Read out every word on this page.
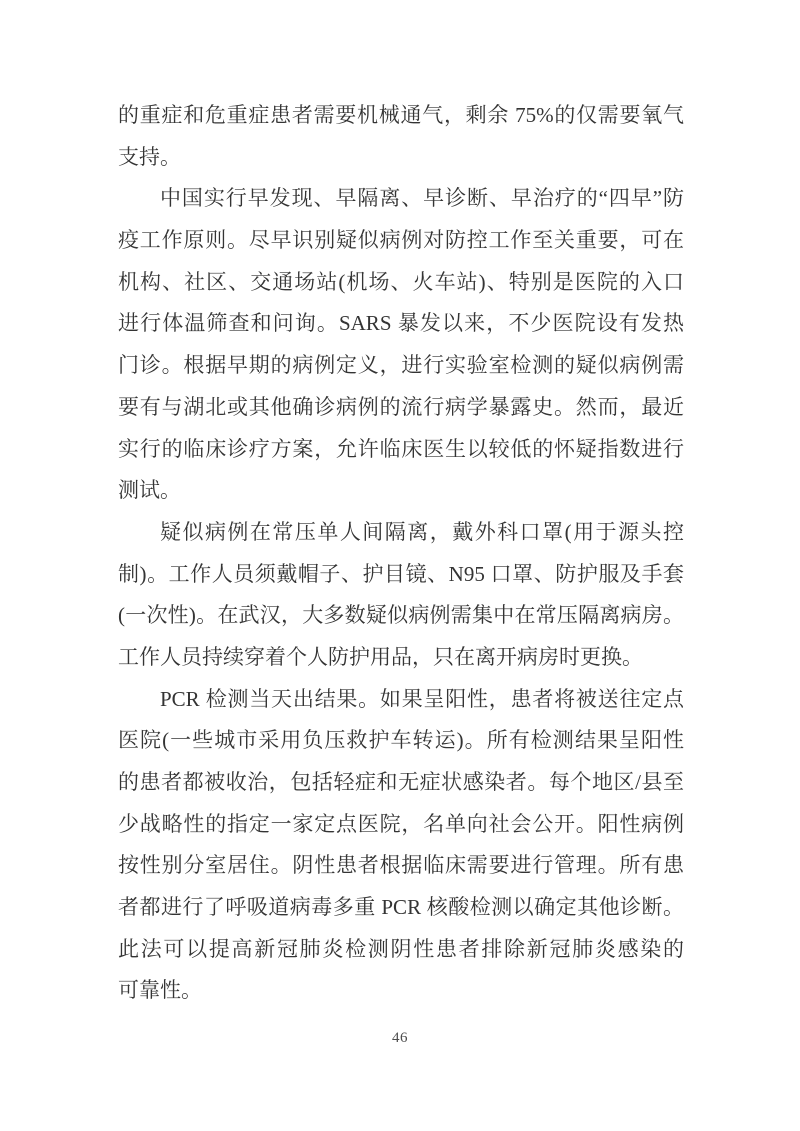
的重症和危重症患者需要机械通气，剩余 75%的仅需要氧气
支持。
中国实行早发现、早隔离、早诊断、早治疗的“四早”防
疫工作原则。尽早识别疑似病例对防控工作至关重要，可在
机构、社区、交通场站(机场、火车站)、特别是医院的入口
进行体温筛查和问询。SARS 暴发以来，不少医院设有发热
门诊。根据早期的病例定义，进行实验室检测的疑似病例需
要有与湖北或其他确诊病例的流行病学暴露史。然而，最近
实行的临床诊疗方案，允许临床医生以较低的怀疑指数进行
测试。
疑似病例在常压单人间隔离，戴外科口罩(用于源头控
制)。工作人员须戴帽子、护目镜、N95 口罩、防护服及手套
(一次性)。在武汉，大多数疑似病例需集中在常压隔离病房。
工作人员持续穿着个人防护用品，只在离开病房时更换。
PCR 检测当天出结果。如果呈阳性，患者将被送往定点
医院(一些城市采用负压救护车转运)。所有检测结果呈阳性
的患者都被收治，包括轻症和无症状感染者。每个地区/县至
少战略性的指定一家定点医院，名单向社会公开。阳性病例
按性别分室居住。阴性患者根据临床需要进行管理。所有患
者都进行了呼吸道病毒多重 PCR 核酸检测以确定其他诊断。
此法可以提高新冠肺炎检测阴性患者排除新冠肺炎感染的
可靠性。
46
